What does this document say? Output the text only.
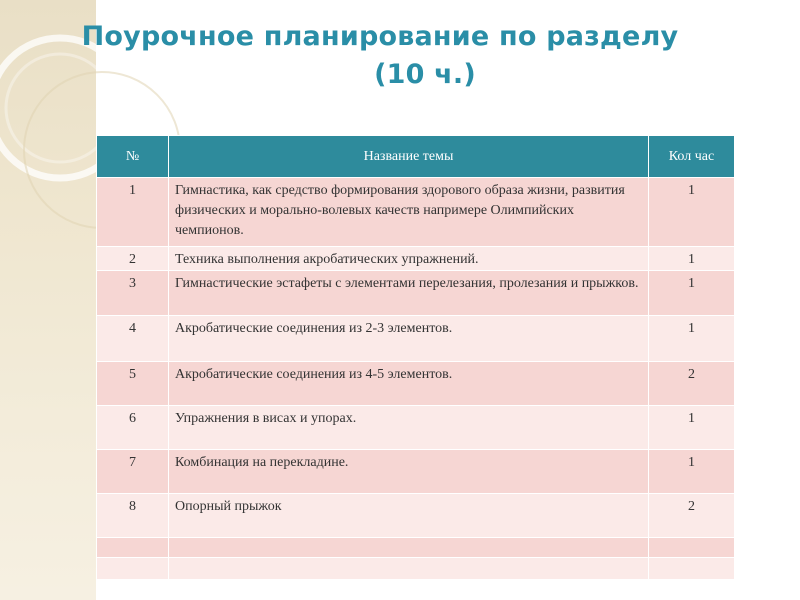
Поурочное планирование по разделу
(10 ч.)
№	Название темы	Кол час
1	Гимнастика, как средство формирования здорового образа жизни, развития физических и морально-волевых качеств напримере Олимпийских чемпионов.	1
2	Техника выполнения акробатических упражнений.	1
3	Гимнастические эстафеты с элементами перелезания, пролезания и прыжков.	1
4	Акробатические соединения из 2-3 элементов.	1
5	Акробатические соединения из 4-5 элементов.	2
6	Упражнения в висах и упорах.	1
7	Комбинация на перекладине.	1
8	Опорный прыжок	2
